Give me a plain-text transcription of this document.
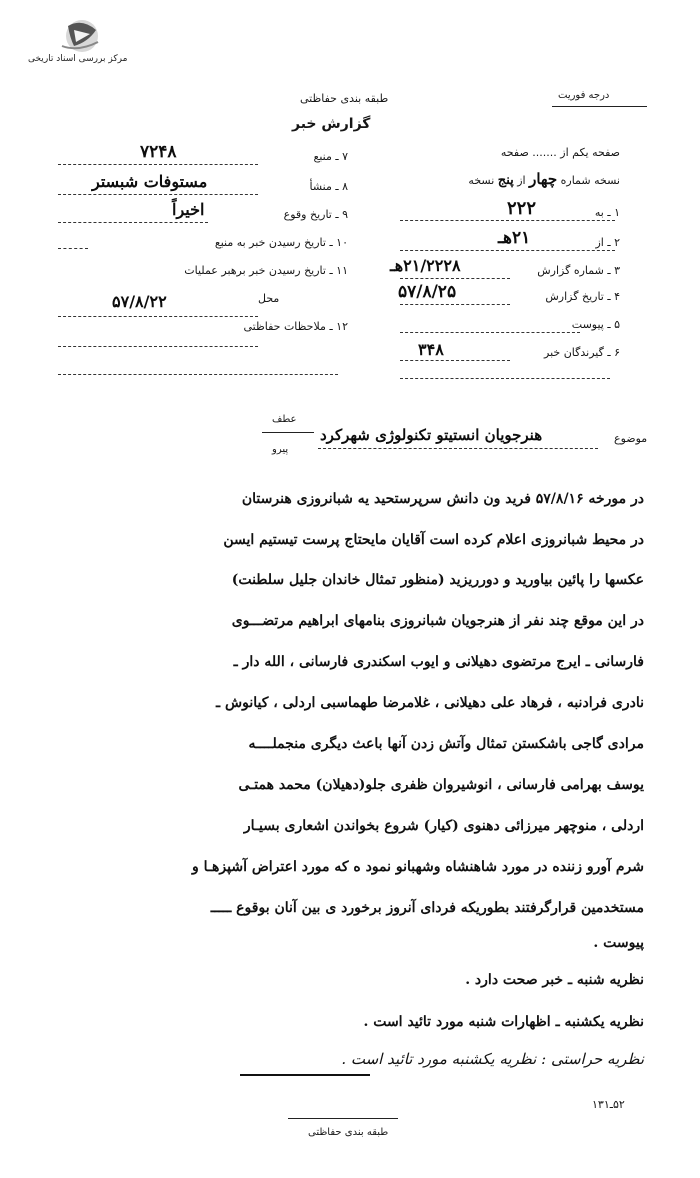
مرکز بررسی اسناد تاریخی
طبقه بندی حفاظتی
گزارش خبر
درجه فوریت
صفحه یکم از ....... صفحه
نسخه شماره چهار از پنج نسخه
۱ ـ به
۲۲۲
۲ ـ از
۲۱هـ
۳ ـ شماره گزارش
۲۱/۲۲۲۸هـ
۴ ـ تاریخ گزارش
۵۷/۸/۲۵
۵ ـ پیوست
۶ ـ گیرندگان خبر
۳۴۸
۷ ـ منبع
۷۲۴۸
۸ ـ منشأ
مستوفات شبستر
۹ ـ تاریخ وقوع
اخیراً
۱۰ ـ تاریخ رسیدن خبر به منبع
۱۱ ـ تاریخ رسیدن خبر برهبر عملیات
محل
۵۷/۸/۲۲
۱۲ ـ ملاحظات حفاظتی
موضوع
هنرجویان انستیتو تکنولوژی شهرکرد
عطف
پیرو
در مورخه ۵۷/۸/۱۶ فرید ون دانش سرپرستحید یه شبانروزی هنرستان
در محیط شبانروزی اعلام کرده است آقایان مایحتاج پرست تیستیم ایسن
عکسها را پائین بیاورید و دورریزید (منظور تمثال خاندان جلیل سلطنت)
در این موقع چند نفر از هنرجویان شبانروزی بنامهای ابراهیم مرتضـــوی
فارسانی ـ ایرج مرتضوی دهیلانی و ایوب اسکندری فارسانی ، الله دار ـ
نادری فرادنبه ، فرهاد علی دهیلانی ، غلامرضا طهماسبی اردلی ، کیانوش ـ
مرادی گاجی باشکستن تمثال وآتش زدن آنها باعث دیگری منجملــــه
یوسف بهرامی فارسانی ، انوشیروان ظفری جلو(دهیلان) محمد همتـی
اردلی ، منوچهر میرزائی دهنوی (کیار) شروع بخواندن اشعاری بسیـار
شرم آورو زننده در مورد شاهنشاه وشهبانو نمود ه که مورد اعتراض آشپزهـا و
مستخدمین قرارگرفتند بطوریکه فردای آنروز برخورد ی بین آنان بوقوع ـــــ
پیوست .
نظریه شنبه ـ خبر صحت دارد .
نظریه یکشنبه ـ اظهارات شنبه مورد تائید است .
نظریه حراستی : نظریه یکشنبه مورد تائید است .
طبقه بندی حفاظتی
۵۲ـ۱۳۱
